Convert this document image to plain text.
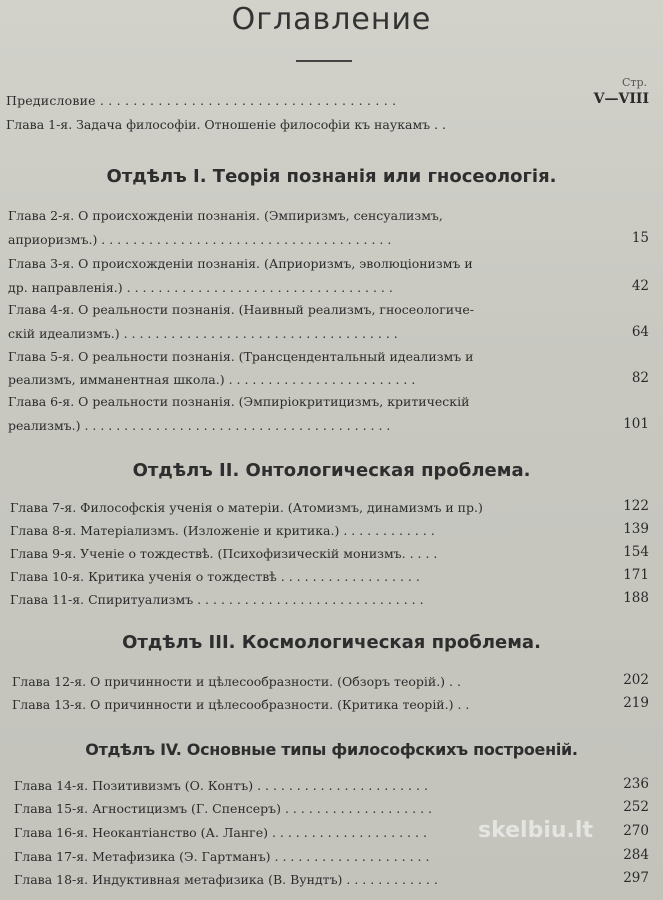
Оглавление
Стр.
Предисловие . . . . . . . . . . . . . . . . . . . . . . . . . . . . . . . . . . . .	V—VIII
Глава 1-я. Задача философіи. Отношеніе философіи къ наукамъ . .
Отдѣлъ I. Теорія познанія или гносеологія.
Глава 2-я. О происхожденіи познанія. (Эмпиризмъ, сенсуализмъ,
априоризмъ.) . . . . . . . . . . . . . . . . . . . . . . . . . . . . . . . . . . . . .	15
Глава 3-я. О происхожденіи познанія. (Априоризмъ, эволюціонизмъ и
др. направленія.) . . . . . . . . . . . . . . . . . . . . . . . . . . . . . . . . . .	42
Глава 4-я. О реальности познанія. (Наивный реализмъ, гносеологиче-
скій идеализмъ.) . . . . . . . . . . . . . . . . . . . . . . . . . . . . . . . . . . .	64
Глава 5-я. О реальности познанія. (Трансцендентальный идеализмъ и
реализмъ, имманентная школа.) . . . . . . . . . . . . . . . . . . . . . . . .	82
Глава 6-я. О реальности познанія. (Эмпиріокритицизмъ, критическій
реализмъ.) . . . . . . . . . . . . . . . . . . . . . . . . . . . . . . . . . . . . . . .	101
Отдѣлъ II. Онтологическая проблема.
Глава 7-я. Философскія ученія о матеріи. (Атомизмъ, динамизмъ и пр.)	122
Глава 8-я. Матеріализмъ. (Изложеніе и критика.) . . . . . . . . . . . .	139
Глава 9-я. Ученіе о тождествѣ. (Психофизическій монизмъ. . . . .	154
Глава 10-я. Критика ученія о тождествѣ . . . . . . . . . . . . . . . . . .	171
Глава 11-я. Спиритуализмъ . . . . . . . . . . . . . . . . . . . . . . . . . . . . .	188
Отдѣлъ III. Космологическая проблема.
Глава 12-я. О причинности и цѣлесообразности. (Обзоръ теорій.) . .	202
Глава 13-я. О причинности и цѣлесообразности. (Критика теорій.) . .	219
Отдѣлъ IV. Основные типы философскихъ построеній.
Глава 14-я. Позитивизмъ (О. Контъ) . . . . . . . . . . . . . . . . . . . . . .	236
Глава 15-я. Агностицизмъ (Г. Спенсеръ) . . . . . . . . . . . . . . . . . . .	252
Глава 16-я. Неокантіанство (А. Ланге) . . . . . . . . . . . . . . . . . . . .	270
Глава 17-я. Метафизика (Э. Гартманъ) . . . . . . . . . . . . . . . . . . . .	284
Глава 18-я. Индуктивная метафизика (В. Вундтъ) . . . . . . . . . . . .	297
skelbiu.lt
